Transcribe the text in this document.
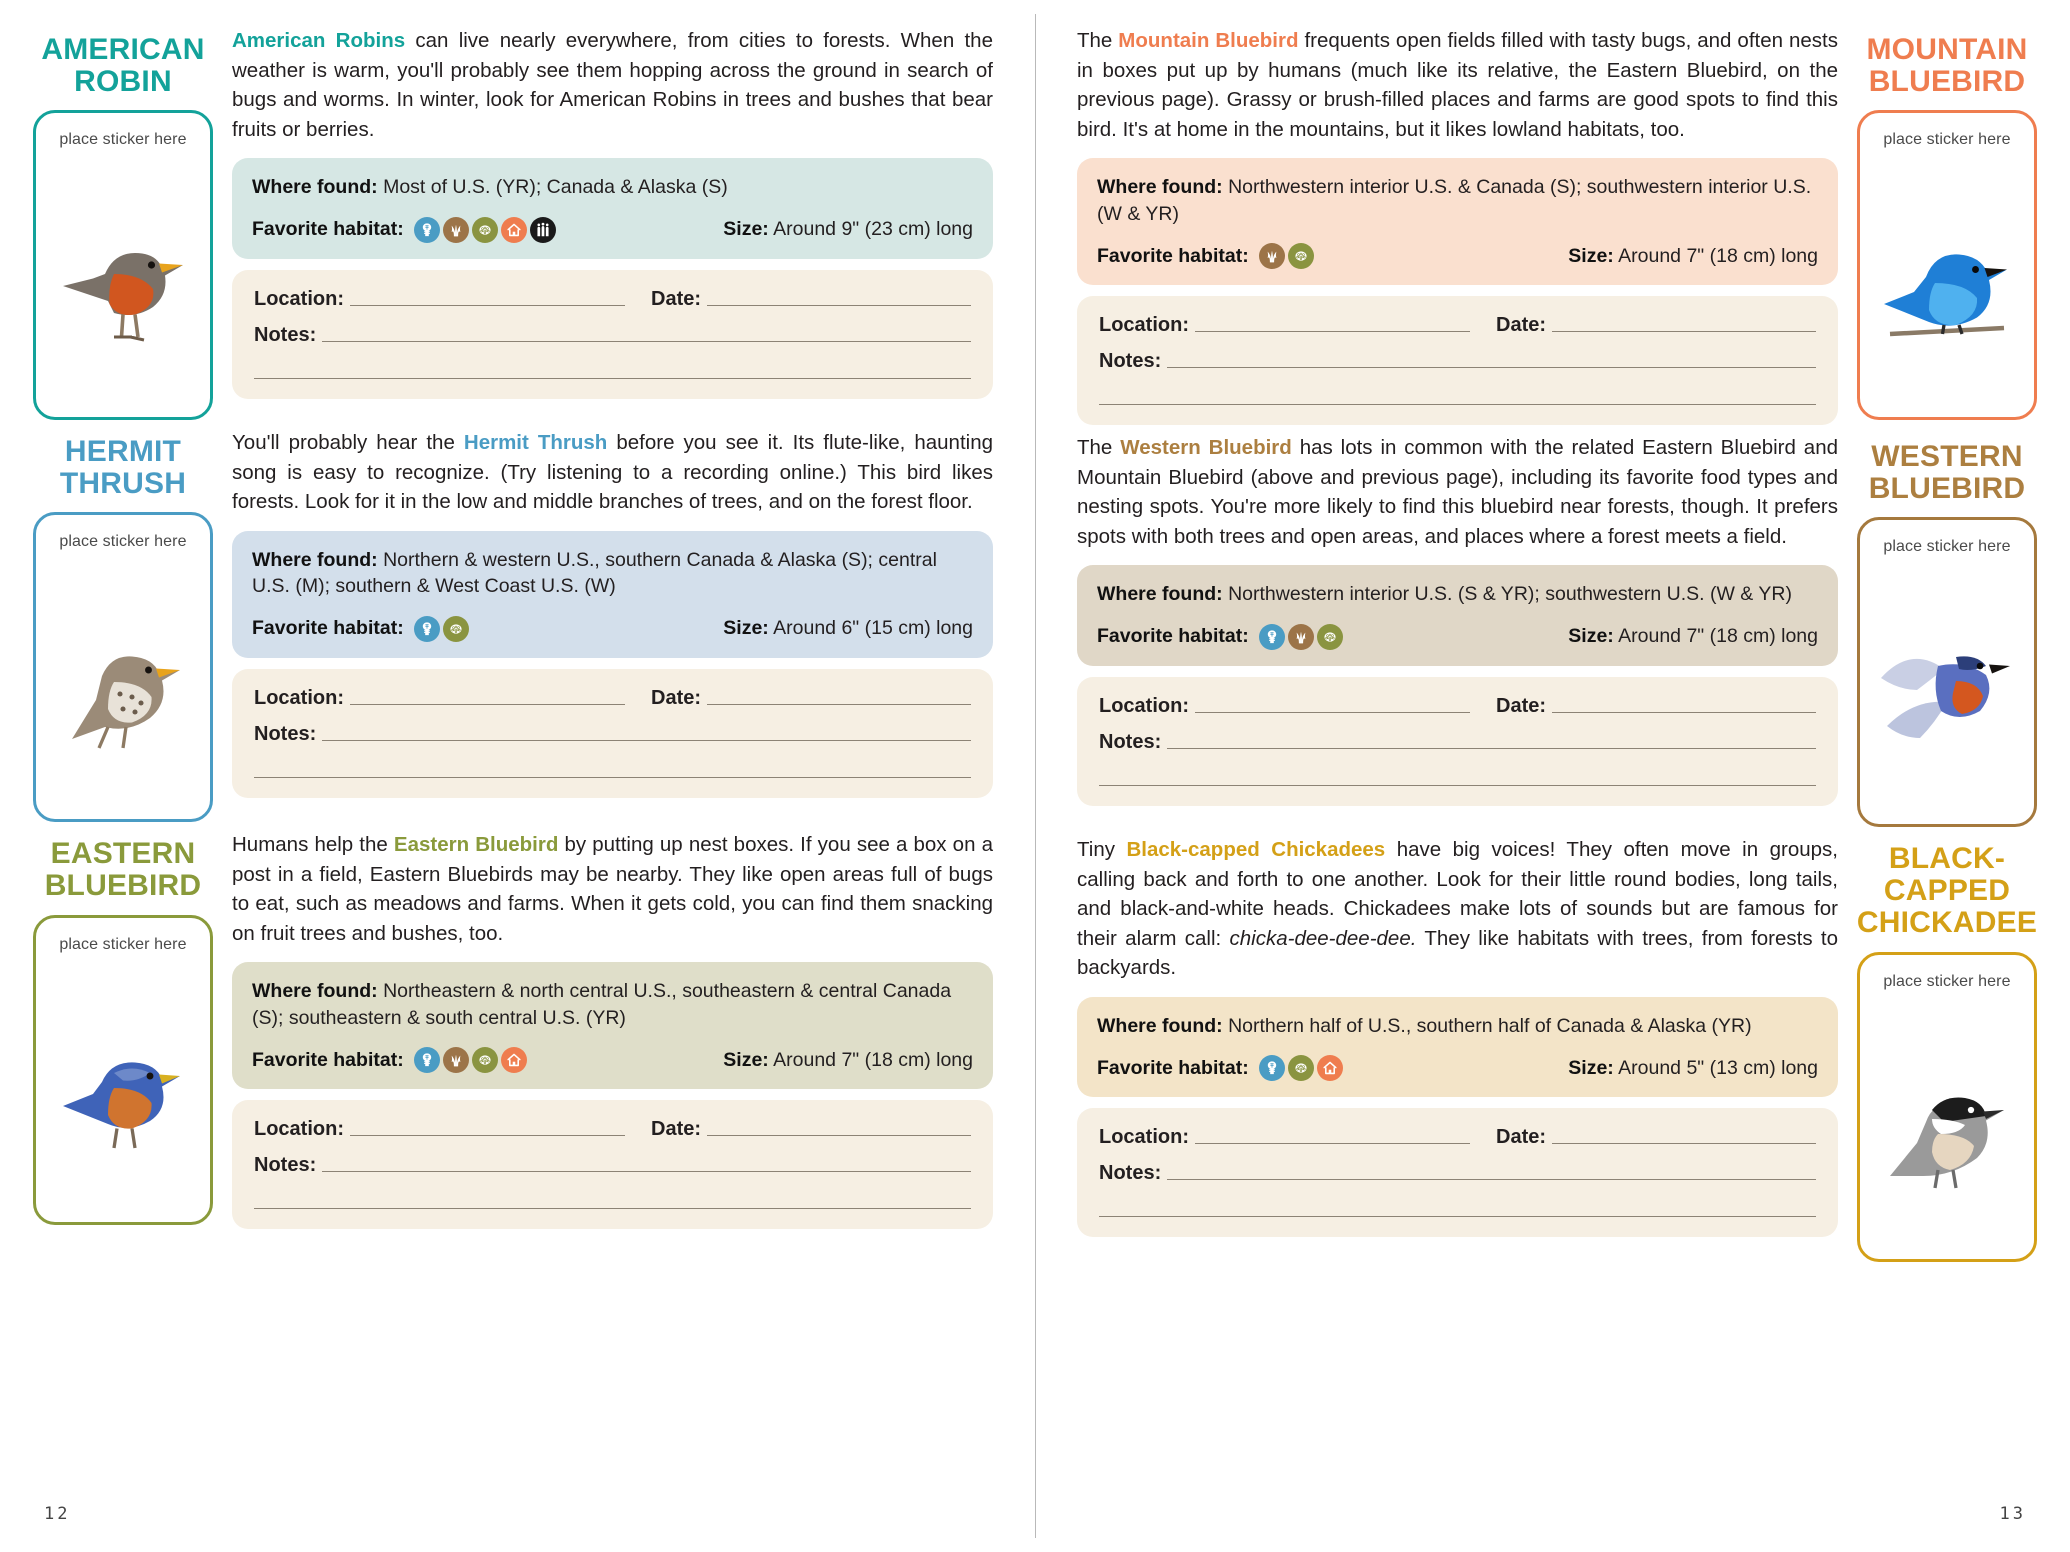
AMERICAN ROBIN
place sticker here

American Robins can live nearly everywhere, from cities to forests. When the weather is warm, you'll probably see them hopping across the ground in search of bugs and worms. In winter, look for American Robins in trees and bushes that bear fruits or berries.

Where found: Most of U.S. (YR); Canada & Alaska (S)
Favorite habitat:	Size: Around 9" (23 cm) long
Location:	Date:
Notes:
HERMIT THRUSH
place sticker here

You'll probably hear the Hermit Thrush before you see it. Its flute-like, haunting song is easy to recognize. (Try listening to a recording online.) This bird likes forests. Look for it in the low and middle branches of trees, and on the forest floor.

Where found: Northern & western U.S., southern Canada & Alaska (S); central U.S. (M); southern & West Coast U.S. (W)
Favorite habitat:	Size: Around 6" (15 cm) long
Location:	Date:
Notes:
EASTERN BLUEBIRD
place sticker here

Humans help the Eastern Bluebird by putting up nest boxes. If you see a box on a post in a field, Eastern Bluebirds may be nearby. They like open areas full of bugs to eat, such as meadows and farms. When it gets cold, you can find them snacking on fruit trees and bushes, too.

Where found: Northeastern & north central U.S., southeastern & central Canada (S); southeastern & south central U.S. (YR)
Favorite habitat:	Size: Around 7" (18 cm) long
Location:	Date:
Notes:
MOUNTAIN BLUEBIRD
place sticker here

The Mountain Bluebird frequents open fields filled with tasty bugs, and often nests in boxes put up by humans (much like its relative, the Eastern Bluebird, on the previous page). Grassy or brush-filled places and farms are good spots to find this bird. It's at home in the mountains, but it likes lowland habitats, too.

Where found: Northwestern interior U.S. & Canada (S); southwestern interior U.S. (W & YR)
Favorite habitat:	Size: Around 7" (18 cm) long
Location:	Date:
Notes:
WESTERN BLUEBIRD
place sticker here

The Western Bluebird has lots in common with the related Eastern Bluebird and Mountain Bluebird (above and previous page), including its favorite food types and nesting spots. You're more likely to find this bluebird near forests, though. It prefers spots with both trees and open areas, and places where a forest meets a field.

Where found: Northwestern interior U.S. (S & YR); southwestern U.S. (W & YR)
Favorite habitat:	Size: Around 7" (18 cm) long
Location:	Date:
Notes:
BLACK-CAPPED CHICKADEE
place sticker here

Tiny Black-capped Chickadees have big voices! They often move in groups, calling back and forth to one another. Look for their little round bodies, long tails, and black-and-white heads. Chickadees make lots of sounds but are famous for their alarm call: chicka-dee-dee-dee. They like habitats with trees, from forests to backyards.

Where found: Northern half of U.S., southern half of Canada & Alaska (YR)
Favorite habitat:	Size: Around 5" (13 cm) long
Location:	Date:
Notes:
12	13
